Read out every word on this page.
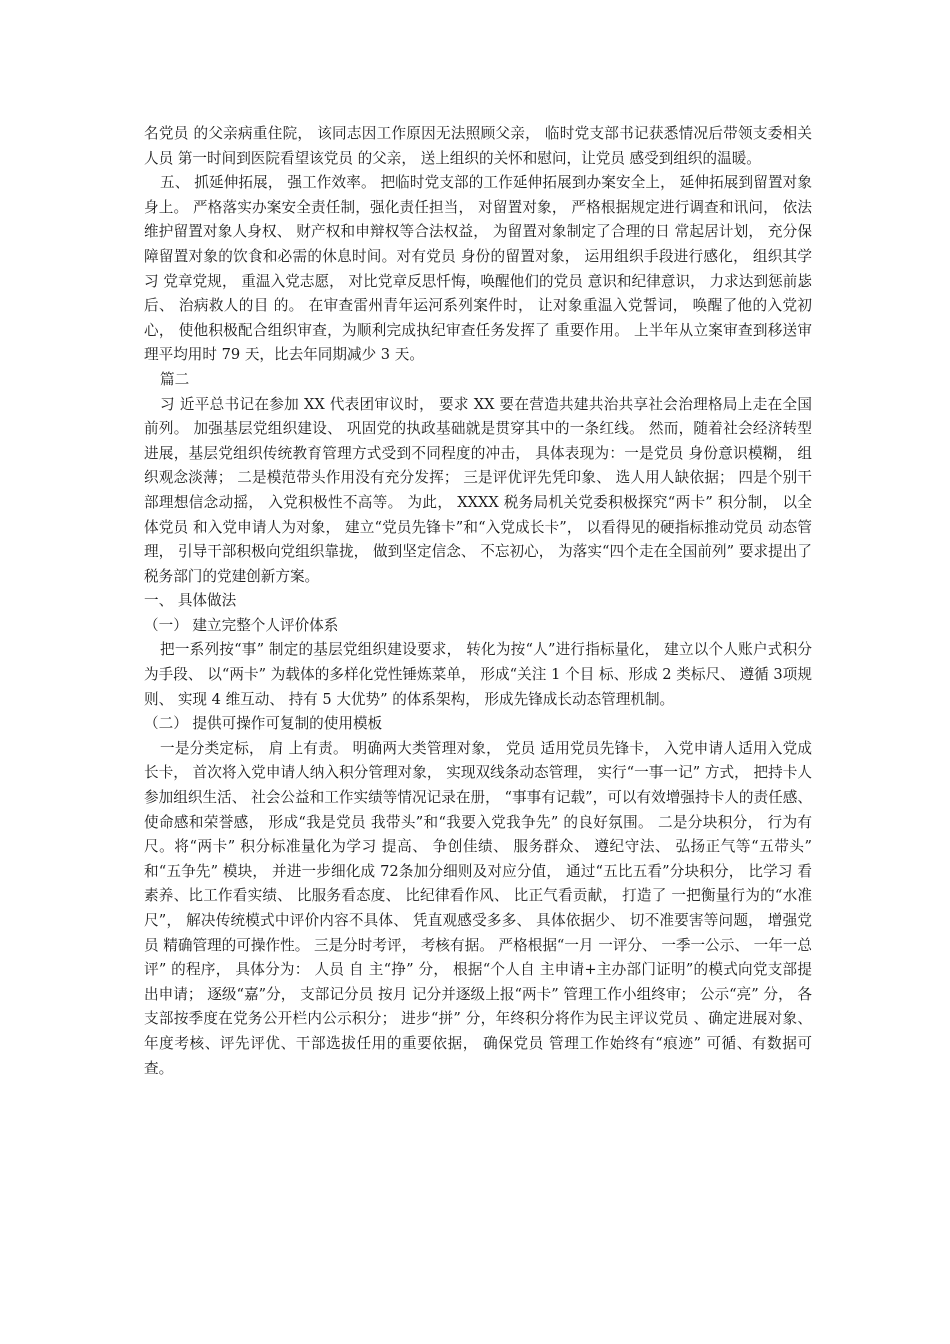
名党员 的父亲病重住院， 该同志因工作原因无法照顾父亲， 临时党支部书记获悉情况后带领支委相关人员 第一时间到医院看望该党员 的父亲， 送上组织的关怀和慰问，让党员 感受到组织的温暖。

五、 抓延伸拓展， 强工作效率。 把临时党支部的工作延伸拓展到办案安全上， 延伸拓展到留置对象身上。 严格落实办案安全责任制，强化责任担当， 对留置对象， 严格根据规定进行调查和讯问， 依法维护留置对象人身权、 财产权和申辩权等合法权益， 为留置对象制定了合理的日 常起居计划， 充分保障留置对象的饮食和必需的休息时间。对有党员 身份的留置对象， 运用组织手段进行感化， 组织其学习 党章党规， 重温入党志愿， 对比党章反思忏悔，唤醒他们的党员 意识和纪律意识， 力求达到惩前毖后、 治病救人的目 的。 在审查雷州青年运河系列案件时， 让对象重温入党誓词， 唤醒了他的入党初心， 使他积极配合组织审查，为顺利完成执纪审查任务发挥了 重要作用。 上半年从立案审查到移送审理平均用时 79 天，比去年同期减少 3 天。

篇二

习 近平总书记在参加 XX 代表团审议时， 要求 XX 要在营造共建共治共享社会治理格局上走在全国前列。 加强基层党组织建设、 巩固党的执政基础就是贯穿其中的一条红线。 然而，随着社会经济转型进展，基层党组织传统教育管理方式受到不同程度的冲击， 具体表现为：一是党员 身份意识模糊， 组织观念淡薄； 二是模范带头作用没有充分发挥； 三是评优评先凭印象、 选人用人缺依据； 四是个别干部理想信念动摇， 入党积极性不高等。 为此， XXXX 税务局机关党委积极探究“两卡” 积分制， 以全体党员 和入党申请人为对象， 建立“党员先锋卡”和“入党成长卡”， 以看得见的硬指标推动党员 动态管理， 引导干部积极向党组织靠拢， 做到坚定信念、 不忘初心， 为落实“四个走在全国前列” 要求提出了税务部门的党建创新方案。

一、 具体做法

（一） 建立完整个人评价体系

把一系列按“事” 制定的基层党组织建设要求， 转化为按“人”进行指标量化， 建立以个人账户式积分为手段、 以“两卡” 为载体的多样化党性锤炼菜单， 形成“关注 1 个目 标、形成 2 类标尺、 遵循 3项规则、 实现 4 维互动、 持有 5 大优势” 的体系架构， 形成先锋成长动态管理机制。

（二） 提供可操作可复制的使用模板

一是分类定标， 肩 上有责。 明确两大类管理对象， 党员 适用党员先锋卡， 入党申请人适用入党成长卡， 首次将入党申请人纳入积分管理对象， 实现双线条动态管理， 实行“一事一记” 方式， 把持卡人参加组织生活、 社会公益和工作实绩等情况记录在册， “事事有记载”，可以有效增强持卡人的责任感、 使命感和荣誉感， 形成“我是党员 我带头”和“我要入党我争先” 的良好氛围。 二是分块积分， 行为有尺。将“两卡” 积分标准量化为学习 提高、 争创佳绩、 服务群众、 遵纪守法、 弘扬正气等“五带头” 和“五争先” 模块， 并进一步细化成 72条加分细则及对应分值， 通过“五比五看”分块积分， 比学习 看素养、比工作看实绩、 比服务看态度、 比纪律看作风、 比正气看贡献， 打造了 一把衡量行为的“水准尺”， 解决传统模式中评价内容不具体、 凭直观感受多多、 具体依据少、 切不准要害等问题， 增强党员 精确管理的可操作性。 三是分时考评， 考核有据。 严格根据“一月 一评分、 一季一公示、 一年一总评” 的程序， 具体分为： 人员 自 主“挣” 分， 根据“个人自 主申请+主办部门证明”的模式向党支部提出申请； 逐级“嘉”分， 支部记分员 按月 记分并逐级上报“两卡” 管理工作小组终审； 公示“亮” 分， 各支部按季度在党务公开栏内公示积分； 进步“拼” 分，年终积分将作为民主评议党员 、确定进展对象、 年度考核、评先评优、干部选拔任用的重要依据， 确保党员 管理工作始终有“痕迹” 可循、有数据可查。
